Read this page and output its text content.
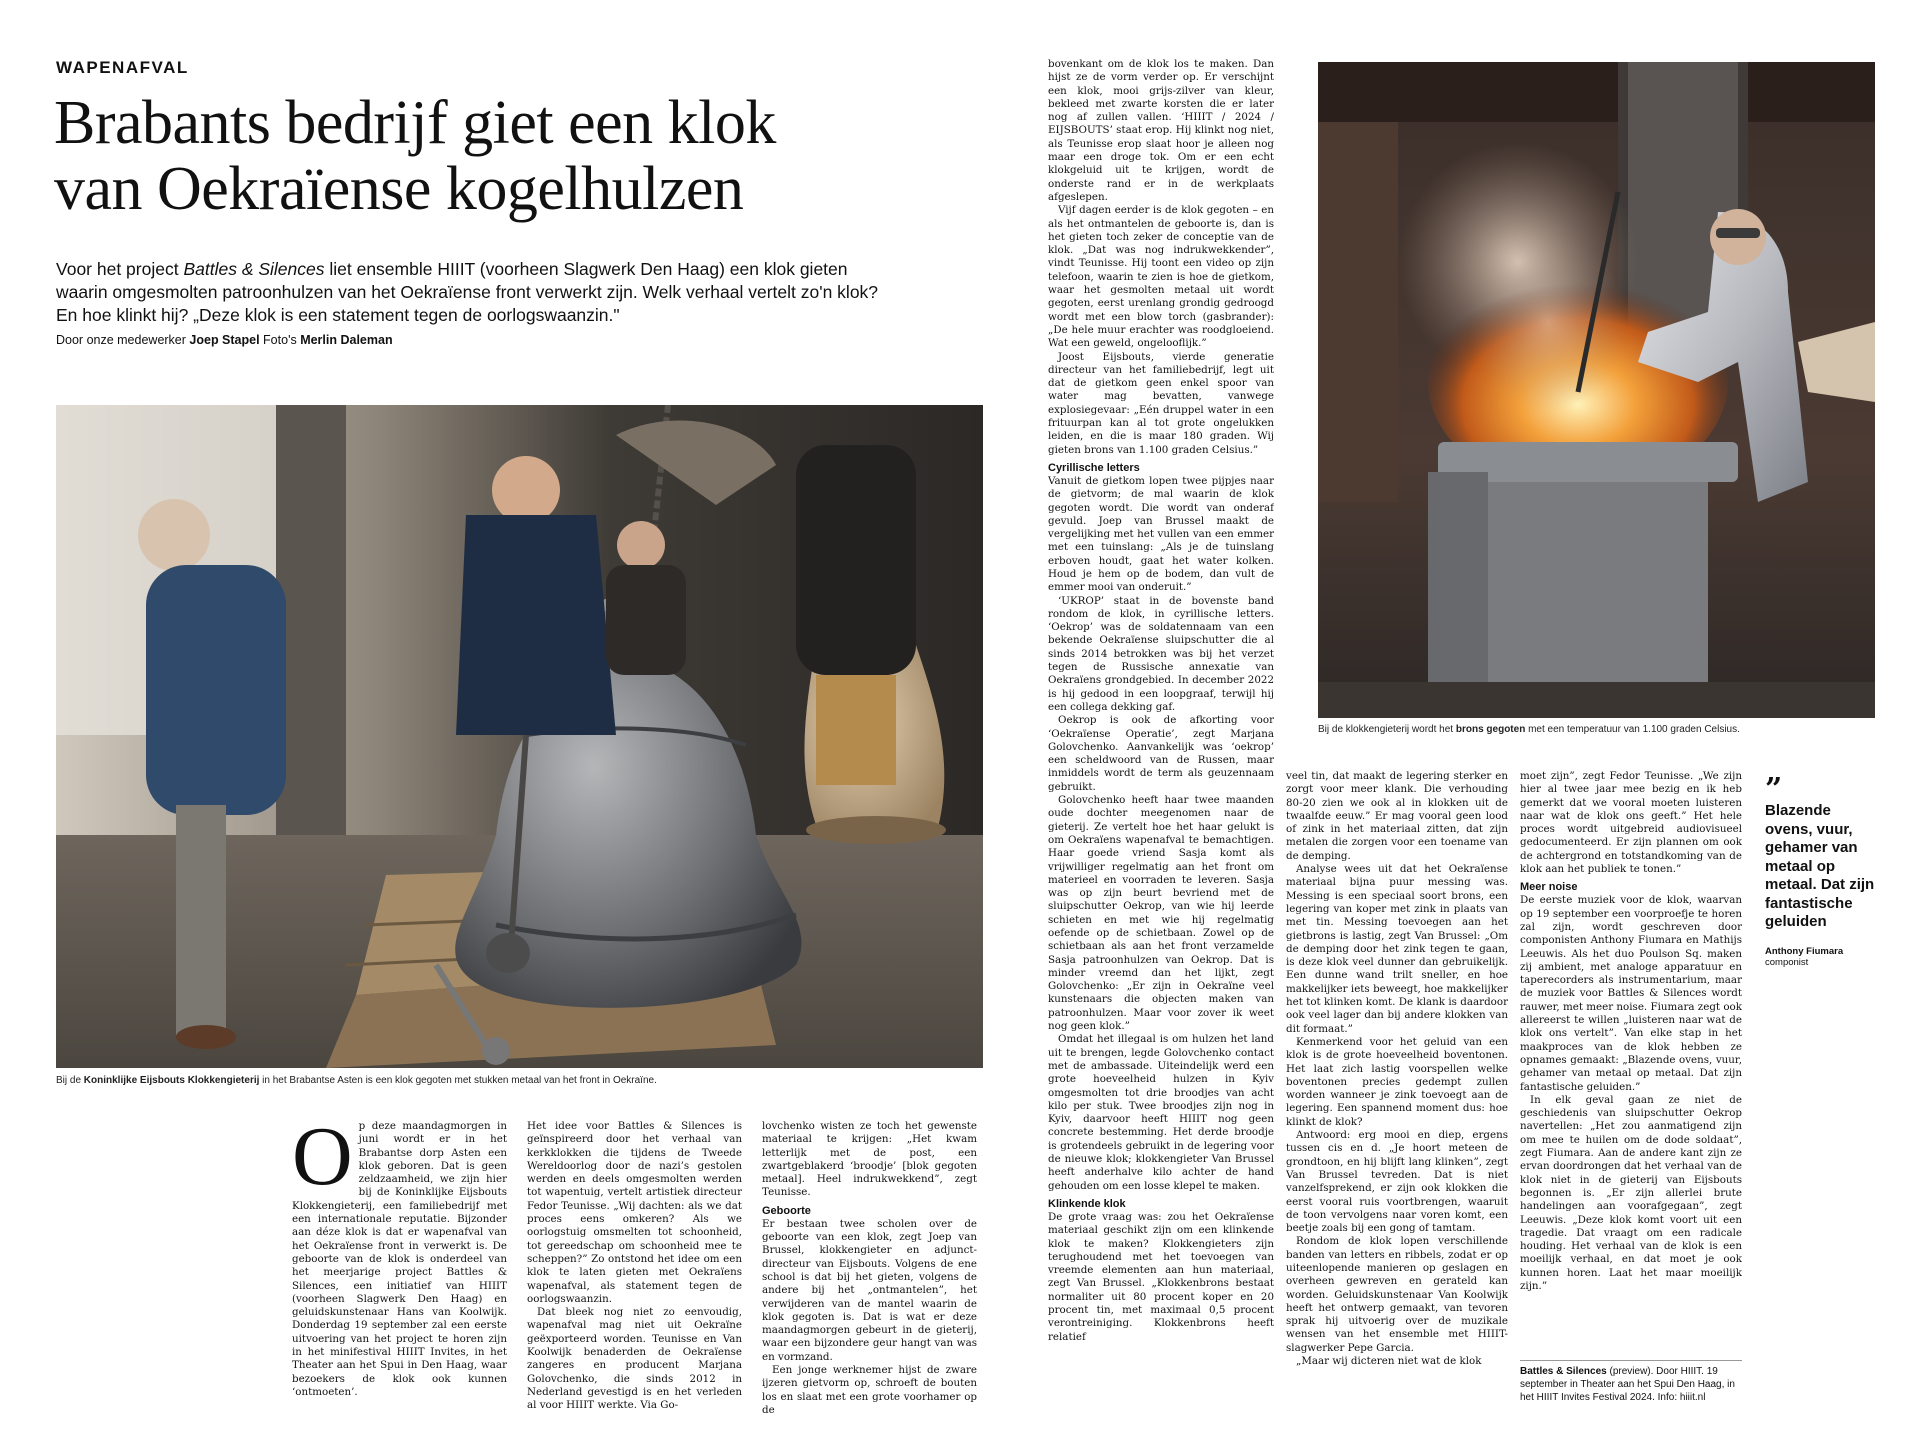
WAPENAFVAL
Brabants bedrijf giet een klok
van Oekraïense kogelhulzen

Voor het project Battles & Silences liet ensemble HIIIT (voorheen Slagwerk Den Haag) een klok gieten waarin omgesmolten patroonhulzen van het Oekraïense front verwerkt zijn. Welk verhaal vertelt zo'n klok? En hoe klinkt hij? „Deze klok is een statement tegen de oorlogswaanzin."

Door onze medewerker Joep Stapel Foto's Merlin Daleman

Bij de Koninklijke Eijsbouts Klokkengieterij in het Brabantse Asten is een klok gegoten met stukken metaal van het front in Oekraïne.
Bij de klokkengieterij wordt het brons gegoten met een temperatuur van 1.100 graden Celsius.
O p deze maandagmorgen in juni wordt er in het Brabantse dorp Asten een klok geboren. Dat is geen zeldzaamheid, we zijn hier bij de Koninklijke Eijsbouts Klokkengieterij, een familiebedrijf met een internationale reputatie. Bijzonder aan déze klok is dat er wapenafval van het Oekraïense front in verwerkt is. De geboorte van de klok is onderdeel van het meerjarige project Battles & Silences, een initiatief van HIIIT (voorheen Slagwerk Den Haag) en geluidskunstenaar Hans van Koolwijk. Donderdag 19 september zal een eerste uitvoering van het project te horen zijn in het minifestival HIIIT Invites, in het Theater aan het Spui in Den Haag, waar bezoekers de klok ook kunnen ‘ontmoeten’.

Het idee voor Battles & Silences is geïnspireerd door het verhaal van kerkklokken die tijdens de Tweede Wereldoorlog door de nazi’s gestolen werden en deels omgesmolten werden tot wapentuig, vertelt artistiek directeur Fedor Teunisse. „Wij dachten: als we dat proces eens omkeren? Als we oorlogstuig omsmelten tot schoonheid, tot gereedschap om schoonheid mee te scheppen?” Zo ontstond het idee om een klok te laten gieten met Oekraïens wapenafval, als statement tegen de oorlogswaanzin.

Dat bleek nog niet zo eenvoudig, wapenafval mag niet uit Oekraïne geëxporteerd worden. Teunisse en Van Koolwijk benaderden de Oekraïense zangeres en producent Marjana Golovchenko, die sinds 2012 in Nederland gevestigd is en het verleden al voor HIIIT werkte. Via Go-

lovchenko wisten ze toch het gewenste materiaal te krijgen: „Het kwam letterlijk met de post, een zwartgeblakerd ‘broodje’ [blok gegoten metaal]. Heel indrukwekkend”, zegt Teunisse.

Geboorte

Er bestaan twee scholen over de geboorte van een klok, zegt Joep van Brussel, klokkengieter en adjunct-directeur van Eijsbouts. Volgens de ene school is dat bij het gieten, volgens de andere bij het „ontmantelen”, het verwijderen van de mantel waarin de klok gegoten is. Dat is wat er deze maandagmorgen gebeurt in de gieterij, waar een bijzondere geur hangt van was en vormzand.

Een jonge werknemer hijst de zware ijzeren gietvorm op, schroeft de bouten los en slaat met een grote voorhamer op de

bovenkant om de klok los te maken. Dan hijst ze de vorm verder op. Er verschijnt een klok, mooi grijs-zilver van kleur, bekleed met zwarte korsten die er later nog af zullen vallen. ‘HIIIT / 2024 / EIJSBOUTS’ staat erop. Hij klinkt nog niet, als Teunisse erop slaat hoor je alleen nog maar een droge tok. Om er een echt klokgeluid uit te krijgen, wordt de onderste rand er in de werkplaats afgeslepen.

Vijf dagen eerder is de klok gegoten – en als het ontmantelen de geboorte is, dan is het gieten toch zeker de conceptie van de klok. „Dat was nog indrukwekkender”, vindt Teunisse. Hij toont een video op zijn telefoon, waarin te zien is hoe de gietkom, waar het gesmolten metaal uit wordt gegoten, eerst urenlang grondig gedroogd wordt met een blow torch (gasbrander): „De hele muur erachter was roodgloeiend. Wat een geweld, ongelooflijk.”

Joost Eijsbouts, vierde generatie directeur van het familiebedrijf, legt uit dat de gietkom geen enkel spoor van water mag bevatten, vanwege explosiegevaar: „Eén druppel water in een frituurpan kan al tot grote ongelukken leiden, en die is maar 180 graden. Wij gieten brons van 1.100 graden Celsius.”

Cyrillische letters

Vanuit de gietkom lopen twee pijpjes naar de gietvorm; de mal waarin de klok gegoten wordt. Die wordt van onderaf gevuld. Joep van Brussel maakt de vergelijking met het vullen van een emmer met een tuinslang: „Als je de tuinslang erboven houdt, gaat het water kolken. Houd je hem op de bodem, dan vult de emmer mooi van onderuit.”

‘UKROP’ staat in de bovenste band rondom de klok, in cyrillische letters. ‘Oekrop’ was de soldatennaam van een bekende Oekraïense sluipschutter die al sinds 2014 betrokken was bij het verzet tegen de Russische annexatie van Oekraïens grondgebied. In december 2022 is hij gedood in een loopgraaf, terwijl hij een collega dekking gaf.

Oekrop is ook de afkorting voor ‘Oekraïense Operatie’, zegt Marjana Golovchenko. Aanvankelijk was ‘oekrop’ een scheldwoord van de Russen, maar inmiddels wordt de term als geuzennaam gebruikt.

Golovchenko heeft haar twee maanden oude dochter meegenomen naar de gieterij. Ze vertelt hoe het haar gelukt is om Oekraïens wapenafval te bemachtigen. Haar goede vriend Sasja komt als vrijwilliger regelmatig aan het front om materieel en voorraden te leveren. Sasja was op zijn beurt bevriend met de sluipschutter Oekrop, van wie hij leerde schieten en met wie hij regelmatig oefende op de schietbaan. Zowel op de schietbaan als aan het front verzamelde Sasja patroonhulzen van Oekrop. Dat is minder vreemd dan het lijkt, zegt Golovchenko: „Er zijn in Oekraïne veel kunstenaars die objecten maken van patroonhulzen. Maar voor zover ik weet nog geen klok.”

Omdat het illegaal is om hulzen het land uit te brengen, legde Golovchenko contact met de ambassade. Uiteindelijk werd een grote hoeveelheid hulzen in Kyiv omgesmolten tot drie broodjes van acht kilo per stuk. Twee broodjes zijn nog in Kyiv, daarvoor heeft HIIIT nog geen concrete bestemming. Het derde broodje is grotendeels gebruikt in de legering voor de nieuwe klok; klokkengieter Van Brussel heeft anderhalve kilo achter de hand gehouden om een losse klepel te maken.

Klinkende klok

De grote vraag was: zou het Oekraïense materiaal geschikt zijn om een klinkende klok te maken? Klokkengieters zijn terughoudend met het toevoegen van vreemde elementen aan hun materiaal, zegt Van Brussel. „Klokkenbrons bestaat normaliter uit 80 procent koper en 20 procent tin, met maximaal 0,5 procent verontreiniging. Klokkenbrons heeft relatief

veel tin, dat maakt de legering sterker en zorgt voor meer klank. Die verhouding 80-20 zien we ook al in klokken uit de twaalfde eeuw.” Er mag vooral geen lood of zink in het materiaal zitten, dat zijn metalen die zorgen voor een toename van de demping.

Analyse wees uit dat het Oekraïense materiaal bijna puur messing was. Messing is een speciaal soort brons, een legering van koper met zink in plaats van met tin. Messing toevoegen aan het gietbrons is lastig, zegt Van Brussel: „Om de demping door het zink tegen te gaan, is deze klok veel dunner dan gebruikelijk. Een dunne wand trilt sneller, en hoe makkelijker iets beweegt, hoe makkelijker het tot klinken komt. De klank is daardoor ook veel lager dan bij andere klokken van dit formaat.”

Kenmerkend voor het geluid van een klok is de grote hoeveelheid boventonen. Het laat zich lastig voorspellen welke boventonen precies gedempt zullen worden wanneer je zink toevoegt aan de legering. Een spannend moment dus: hoe klinkt de klok?

Antwoord: erg mooi en diep, ergens tussen cis en d. „Je hoort meteen de grondtoon, en hij blijft lang klinken”, zegt Van Brussel tevreden. Dat is niet vanzelfsprekend, er zijn ook klokken die eerst vooral ruis voortbrengen, waaruit de toon vervolgens naar voren komt, een beetje zoals bij een gong of tamtam.

Rondom de klok lopen verschillende banden van letters en ribbels, zodat er op uiteenlopende manieren op geslagen en overheen gewreven en gerateld kan worden. Geluidskunstenaar Van Koolwijk heeft het ontwerp gemaakt, van tevoren sprak hij uitvoerig over de muzikale wensen van het ensemble met HIIIT-slagwerker Pepe Garcia.

„Maar wij dicteren niet wat de klok

moet zijn”, zegt Fedor Teunisse. „We zijn hier al twee jaar mee bezig en ik heb gemerkt dat we vooral moeten luisteren naar wat de klok ons geeft.” Het hele proces wordt uitgebreid audiovisueel gedocumenteerd. Er zijn plannen om ook de achtergrond en totstandkoming van de klok aan het publiek te tonen.”

Meer noise

De eerste muziek voor de klok, waarvan op 19 september een voorproefje te horen zal zijn, wordt geschreven door componisten Anthony Fiumara en Mathijs Leeuwis. Als het duo Poulson Sq. maken zij ambient, met analoge apparatuur en taperecorders als instrumentarium, maar de muziek voor Battles & Silences wordt rauwer, met meer noise. Fiumara zegt ook allereerst te willen „luisteren naar wat de klok ons vertelt”. Van elke stap in het maakproces van de klok hebben ze opnames gemaakt: „Blazende ovens, vuur, gehamer van metaal op metaal. Dat zijn fantastische geluiden.”

In elk geval gaan ze niet de geschiedenis van sluipschutter Oekrop navertellen: „Het zou aanmatigend zijn om mee te huilen om de dode soldaat”, zegt Fiumara. Aan de andere kant zijn ze ervan doordrongen dat het verhaal van de klok niet in de gieterij van Eijsbouts begonnen is. „Er zijn allerlei brute handelingen aan voorafgegaan”, zegt Leeuwis. „Deze klok komt voort uit een tragedie. Dat vraagt om een radicale houding. Het verhaal van de klok is een moeilijk verhaal, en dat moet je ook kunnen horen. Laat het maar moeilijk zijn.”

Battles & Silences (preview). Door HIIIT. 19 september in Theater aan het Spui Den Haag, in het HIIIT Invites Festival 2024. Info: hiiit.nl
”
Blazende ovens, vuur, gehamer van metaal op metaal. Dat zijn fantastische geluiden
Anthony Fiumara
componist
